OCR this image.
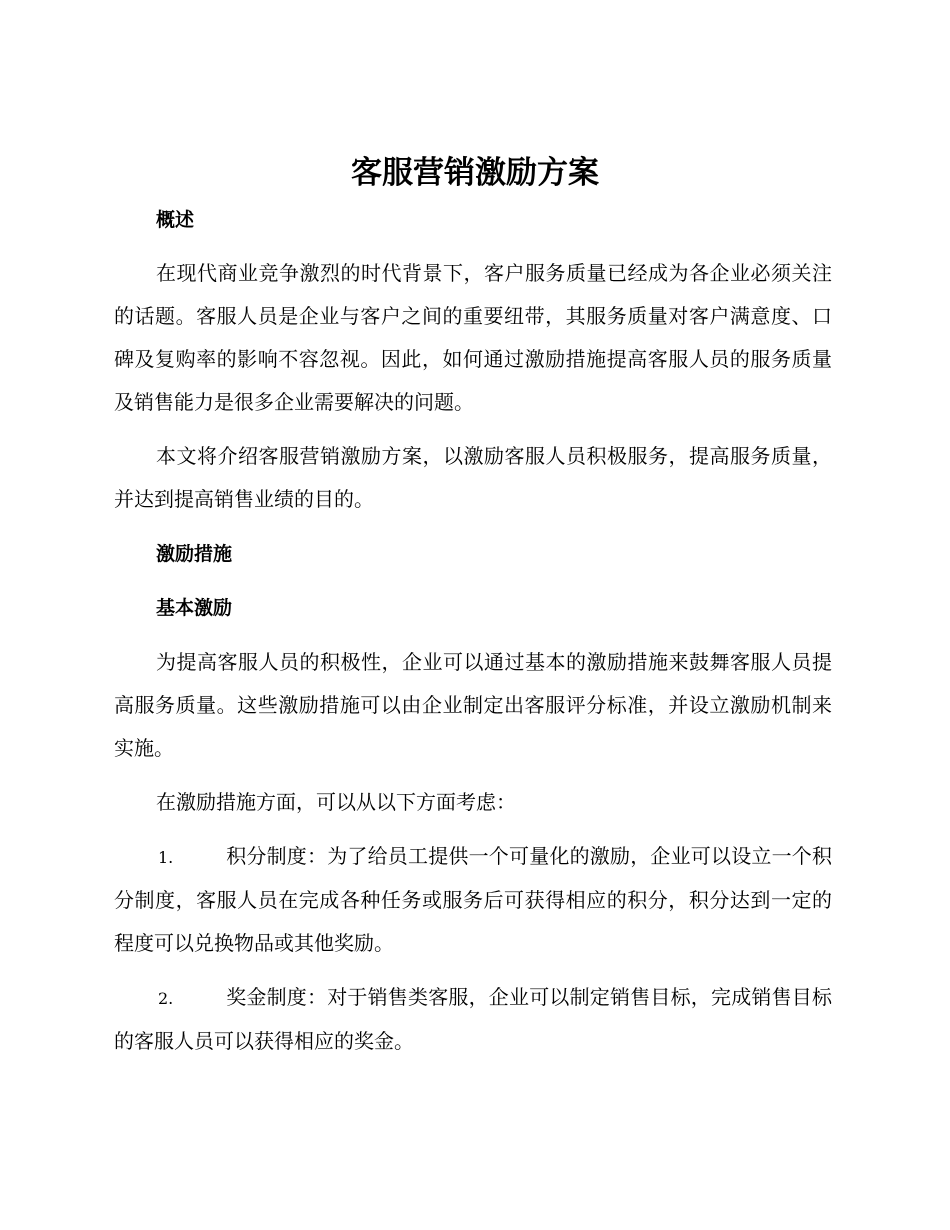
客服营销激励方案
概述

在现代商业竞争激烈的时代背景下，客户服务质量已经成为各企业必须关注的话题。客服人员是企业与客户之间的重要纽带，其服务质量对客户满意度、口碑及复购率的影响不容忽视。因此，如何通过激励措施提高客服人员的服务质量及销售能力是很多企业需要解决的问题。

本文将介绍客服营销激励方案，以激励客服人员积极服务，提高服务质量，并达到提高销售业绩的目的。

激励措施
基本激励

为提高客服人员的积极性，企业可以通过基本的激励措施来鼓舞客服人员提高服务质量。这些激励措施可以由企业制定出客服评分标准，并设立激励机制来实施。

在激励措施方面，可以从以下方面考虑：

1.	积分制度：为了给员工提供一个可量化的激励，企业可以设立一个积分制度，客服人员在完成各种任务或服务后可获得相应的积分，积分达到一定的程度可以兑换物品或其他奖励。

2.	奖金制度：对于销售类客服，企业可以制定销售目标，完成销售目标的客服人员可以获得相应的奖金。
